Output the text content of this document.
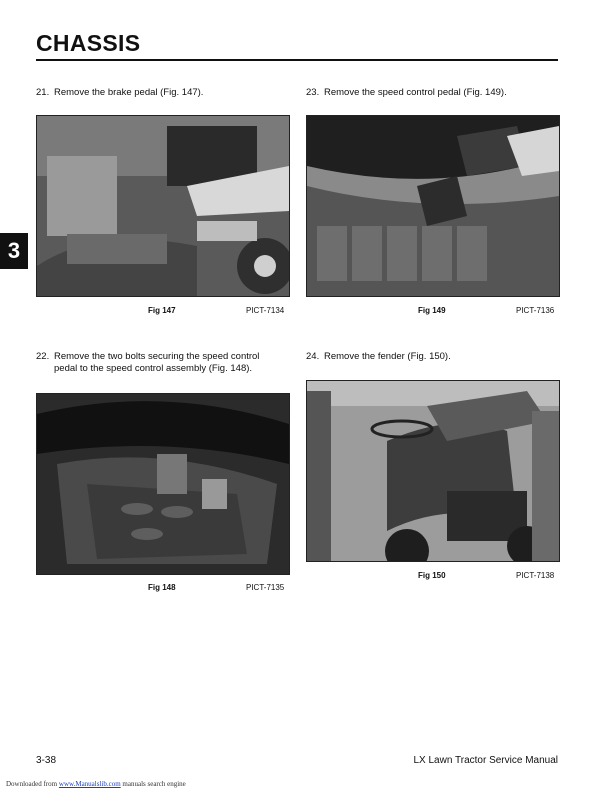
CHASSIS
3
21. Remove the brake pedal (Fig. 147).	23. Remove the speed control pedal (Fig. 149).
Fig 147	PICT-7134	Fig 149	PICT-7136
22. Remove the two bolts securing the speed control
pedal to the speed control assembly (Fig. 148).
24. Remove the fender (Fig. 150).
Fig 148	PICT-7135
Fig 150	PICT-7138
3-38	LX Lawn Tractor Service Manual
Downloaded from www.Manualslib.com manuals search engine
